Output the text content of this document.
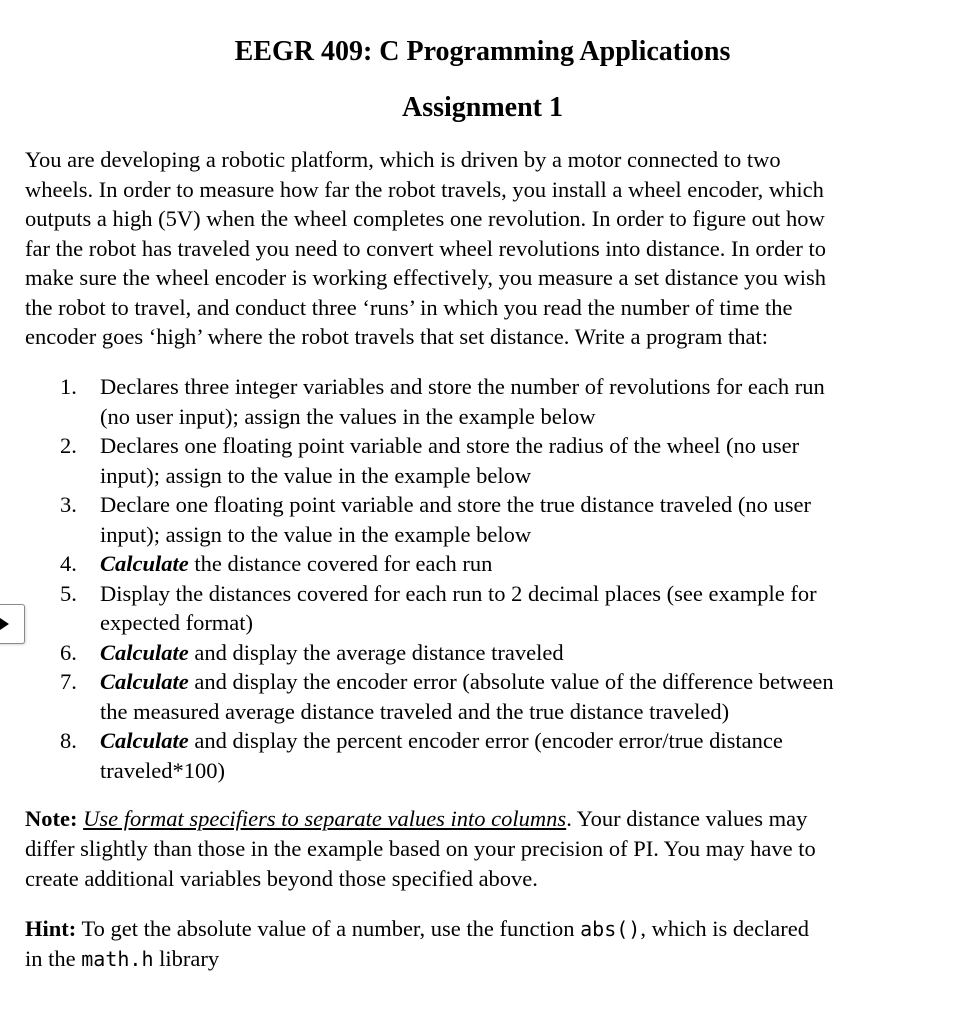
EEGR 409: C Programming Applications
Assignment 1

You are developing a robotic platform, which is driven by a motor connected to two
wheels. In order to measure how far the robot travels, you install a wheel encoder, which
outputs a high (5V) when the wheel completes one revolution. In order to figure out how
far the robot has traveled you need to convert wheel revolutions into distance. In order to
make sure the wheel encoder is working effectively, you measure a set distance you wish
the robot to travel, and conduct three ‘runs’ in which you read the number of time the
encoder goes ‘high’ where the robot travels that set distance. Write a program that:

1. Declares three integer variables and store the number of revolutions for each run
(no user input); assign the values in the example below
2. Declares one floating point variable and store the radius of the wheel (no user
input); assign to the value in the example below
3. Declare one floating point variable and store the true distance traveled (no user
input); assign to the value in the example below
4. Calculate the distance covered for each run
5. Display the distances covered for each run to 2 decimal places (see example for
expected format)
6. Calculate and display the average distance traveled
7. Calculate and display the encoder error (absolute value of the difference between
the measured average distance traveled and the true distance traveled)
8. Calculate and display the percent encoder error (encoder error/true distance
traveled*100)

Note: Use format specifiers to separate values into columns. Your distance values may
differ slightly than those in the example based on your precision of PI. You may have to
create additional variables beyond those specified above.

Hint: To get the absolute value of a number, use the function abs(), which is declared
in the math.h library
